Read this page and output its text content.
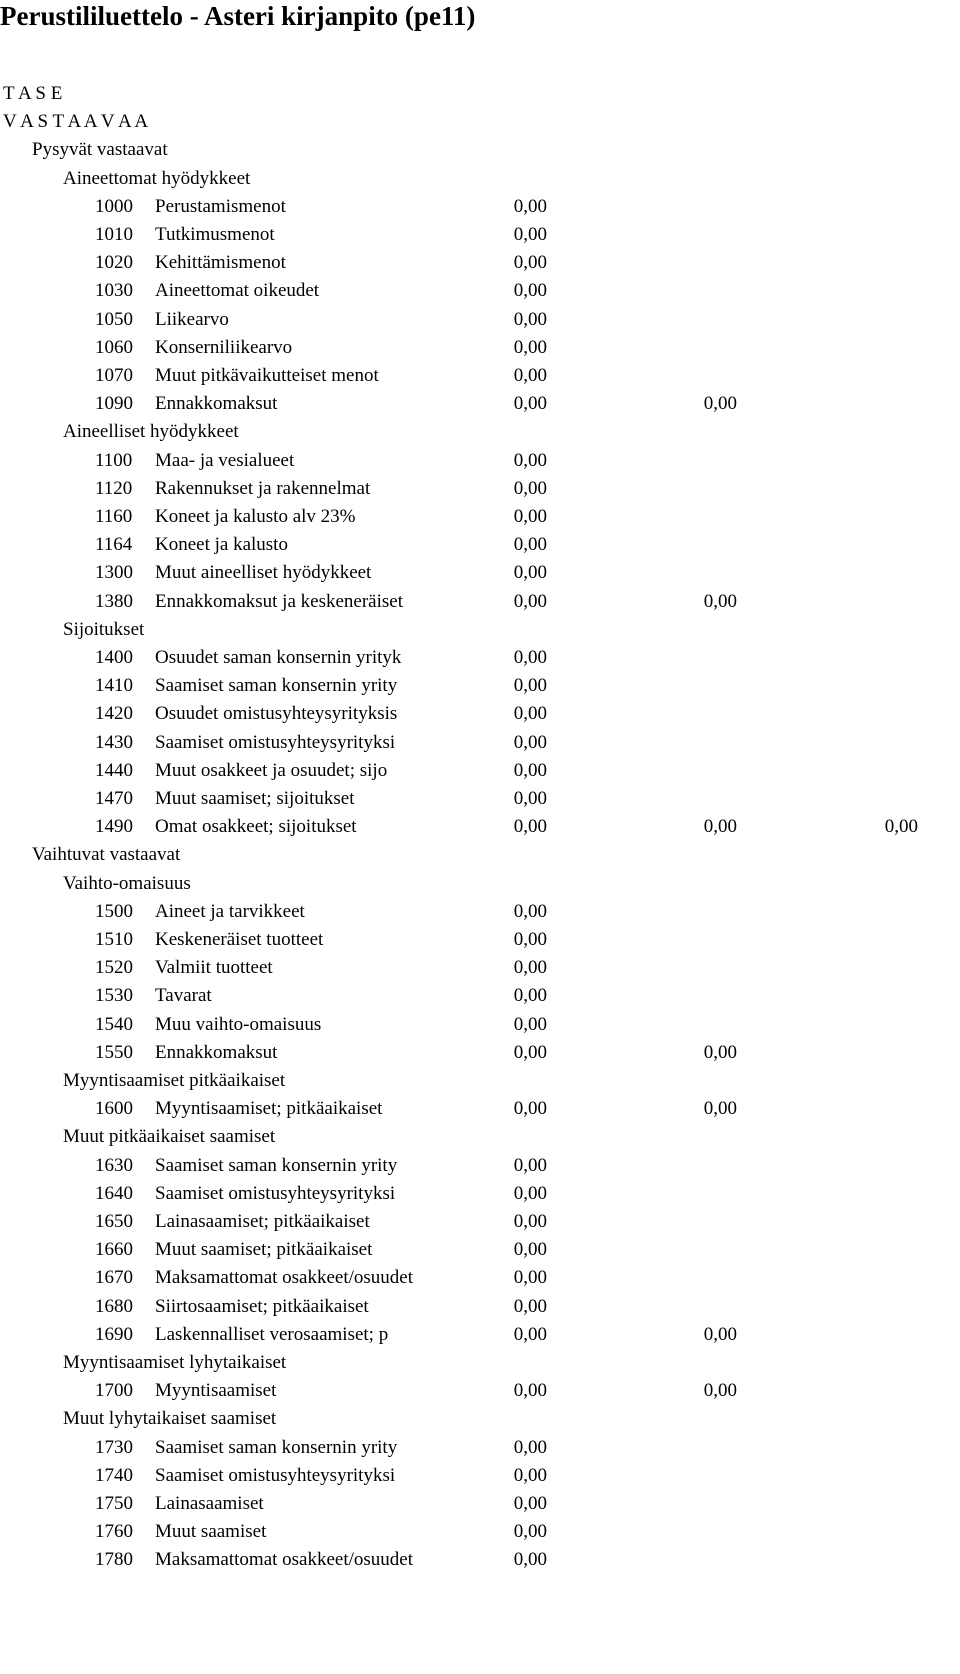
Perustililuettelo - Asteri kirjanpito (pe11)
T A S E
V A S T A A V A A
Pysyvät vastaavat
Aineettomat hyödykkeet
1000 Perustamismenot	0,00
1010 Tutkimusmenot	0,00
1020 Kehittämismenot	0,00
1030 Aineettomat oikeudet	0,00
1050 Liikearvo	0,00
1060 Konserniliikearvo	0,00
1070 Muut pitkävaikutteiset menot	0,00
1090 Ennakkomaksut	0,00	0,00
Aineelliset hyödykkeet
1100 Maa- ja vesialueet	0,00
1120 Rakennukset ja rakennelmat	0,00
1160 Koneet ja kalusto alv 23%	0,00
1164 Koneet ja kalusto	0,00
1300 Muut aineelliset hyödykkeet	0,00
1380 Ennakkomaksut ja keskeneräiset	0,00	0,00
Sijoitukset
1400 Osuudet saman konsernin yrityk	0,00
1410 Saamiset saman konsernin yrity	0,00
1420 Osuudet omistusyhteysyrityksis	0,00
1430 Saamiset omistusyhteysyrityksi	0,00
1440 Muut osakkeet ja osuudet; sijo	0,00
1470 Muut saamiset; sijoitukset	0,00
1490 Omat osakkeet; sijoitukset	0,00	0,00	0,00
Vaihtuvat vastaavat
Vaihto-omaisuus
1500 Aineet ja tarvikkeet	0,00
1510 Keskeneräiset tuotteet	0,00
1520 Valmiit tuotteet	0,00
1530 Tavarat	0,00
1540 Muu vaihto-omaisuus	0,00
1550 Ennakkomaksut	0,00	0,00
Myyntisaamiset pitkäaikaiset
1600 Myyntisaamiset; pitkäaikaiset	0,00	0,00
Muut pitkäaikaiset saamiset
1630 Saamiset saman konsernin yrity	0,00
1640 Saamiset omistusyhteysyrityksi	0,00
1650 Lainasaamiset; pitkäaikaiset	0,00
1660 Muut saamiset; pitkäaikaiset	0,00
1670 Maksamattomat osakkeet/osuudet	0,00
1680 Siirtosaamiset; pitkäaikaiset	0,00
1690 Laskennalliset verosaamiset; p	0,00	0,00
Myyntisaamiset lyhytaikaiset
1700 Myyntisaamiset	0,00	0,00
Muut lyhytaikaiset saamiset
1730 Saamiset saman konsernin yrity	0,00
1740 Saamiset omistusyhteysyrityksi	0,00
1750 Lainasaamiset	0,00
1760 Muut saamiset	0,00
1780 Maksamattomat osakkeet/osuudet	0,00
